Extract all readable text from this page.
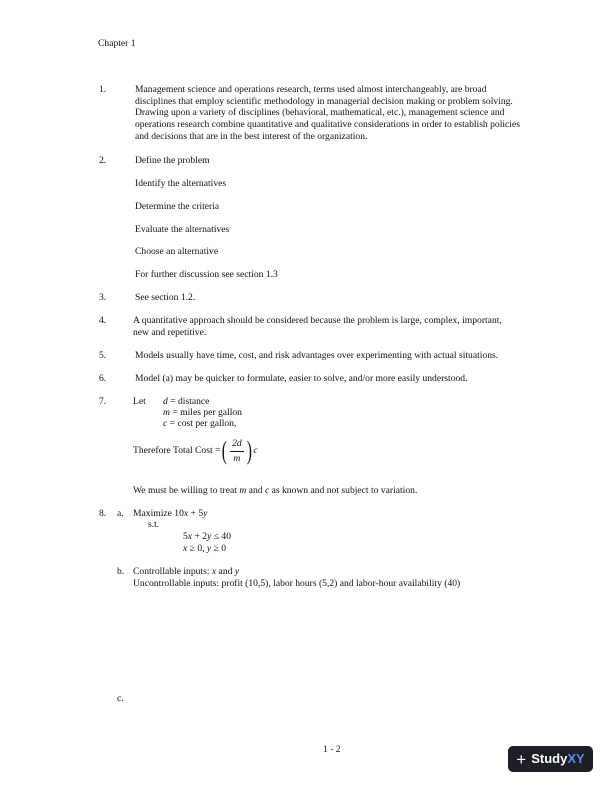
Chapter 1
1.	Management science and operations research, terms used almost interchangeably, are broad disciplines that employ scientific methodology in managerial decision making or problem solving. Drawing upon a variety of disciplines (behavioral, mathematical, etc.), management science and operations research combine quantitative and qualitative considerations in order to establish policies and decisions that are in the best interest of the organization.
2.	Define the problem
Identify the alternatives
Determine the criteria
Evaluate the alternatives
Choose an alternative
For further discussion see section 1.3
3.	See section 1.2.
4.	A quantitative approach should be considered because the problem is large, complex, important, new and repetitive.
5.	Models usually have time, cost, and risk advantages over experimenting with actual situations.
6.	Model (a) may be quicker to formulate, easier to solve, and/or more easily understood.
7.	Let d = distance
m = miles per gallon
c = cost per gallon,
Therefore Total Cost = ( $\frac{2d}{m}$ ) c
We must be willing to treat m and c as known and not subject to variation.
8. a. Maximize 10x + 5y
s.t.
5x + 2y ≤ 40
x ≥ 0, y ≥ 0
b. Controllable inputs: x and y
Uncontrollable inputs: profit (10,5), labor hours (5,2) and labor-hour availability (40)
c.
1 - 2	+ Study XY
